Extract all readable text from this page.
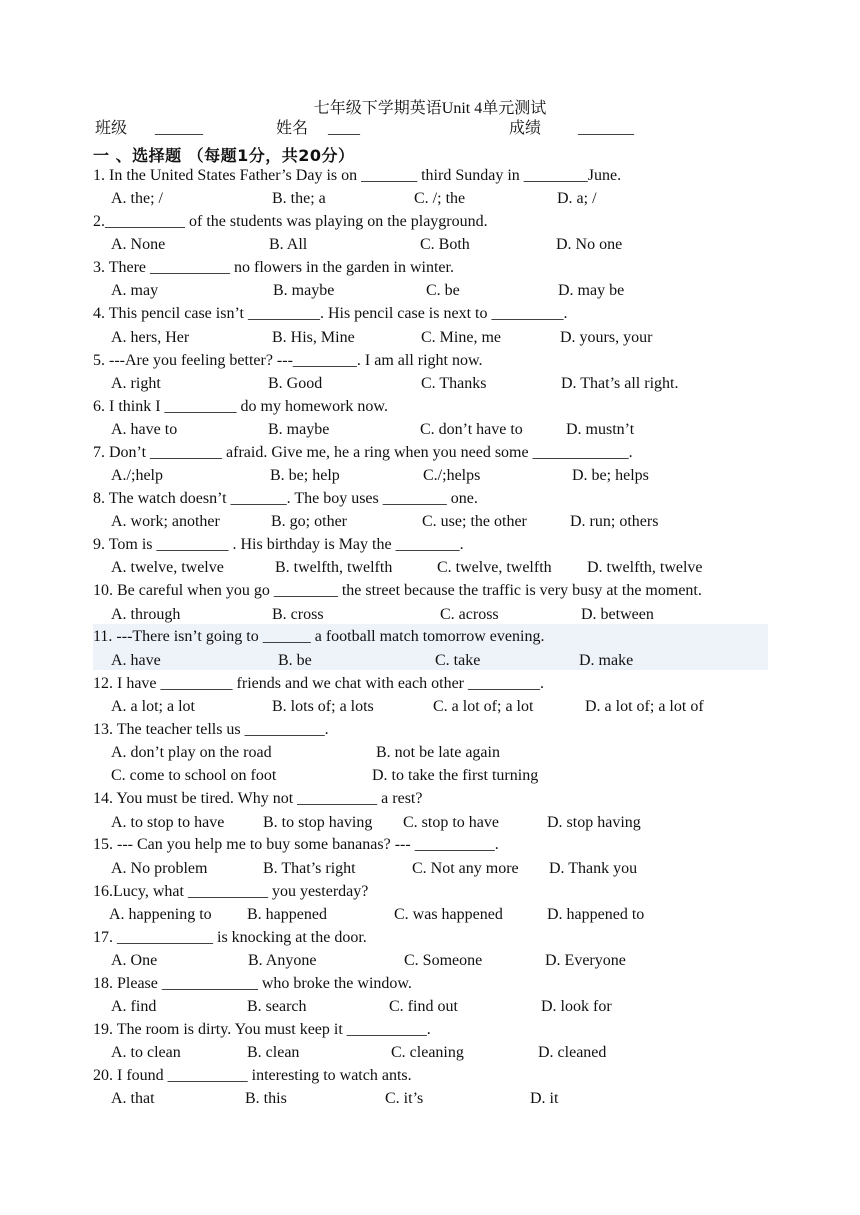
七年级下学期英语Unit 4单元测试
班级 ______	姓名 ____	成绩 _______
一 、选择题 （每题1分，共20分）
1. In the United States Father’s Day is on _______ third Sunday in ________June.
A. the; /	B. the; a	C. /; the	D. a; /
2.__________ of the students was playing on the playground.
A. None	B. All	C. Both	D. No one
3. There __________ no flowers in the garden in winter.
A. may	B. maybe	C. be	D. may be
4. This pencil case isn’t _________. His pencil case is next to _________.
A. hers, Her	B. His, Mine	C. Mine, me	D. yours, your
5. ---Are you feeling better? ---________. I am all right now.
A. right	B. Good	C. Thanks	D. That’s all right.
6. I think I _________ do my homework now.
A. have to	B. maybe	C. don’t have to	D. mustn’t
7. Don’t _________ afraid. Give me, he a ring when you need some ____________.
A./;help	B. be; help	C./;helps	D. be; helps
8. The watch doesn’t _______. The boy uses ________ one.
A. work; another	B. go; other	C. use; the other	D. run; others
9. Tom is _________ . His birthday is May the ________.
A. twelve, twelve	B. twelfth, twelfth	C. twelve, twelfth D. twelfth, twelve
10. Be careful when you go ________ the street because the traffic is very busy at the moment.
A. through	B. cross	C. across	D. between
11. ---There isn’t going to ______ a football match tomorrow evening.
A. have	B. be	C. take	D. make
12. I have _________ friends and we chat with each other _________.
A. a lot; a lot	B. lots of; a lots	C. a lot of; a lot	D. a lot of; a lot of
13. The teacher tells us __________.
A. don’t play on the road	B. not be late again
C. come to school on foot	D. to take the first turning
14. You must be tired. Why not __________ a rest?
A. to stop to have B. to stop having C. stop to have	D. stop having
15. --- Can you help me to buy some bananas? --- __________.
A. No problem	B. That’s right	C. Not any more D. Thank you
16.Lucy, what __________ you yesterday?
A. happening to B. happened	C. was happened	D. happened to
17. ____________ is knocking at the door.
A. One	B. Anyone	C. Someone	D. Everyone
18. Please ____________ who broke the window.
A. find	B. search	C. find out	D. look for
19. The room is dirty. You must keep it __________.
A. to clean	B. clean	C. cleaning	D. cleaned
20. I found __________ interesting to watch ants.
A. that	B. this	C. it’s	D. it
